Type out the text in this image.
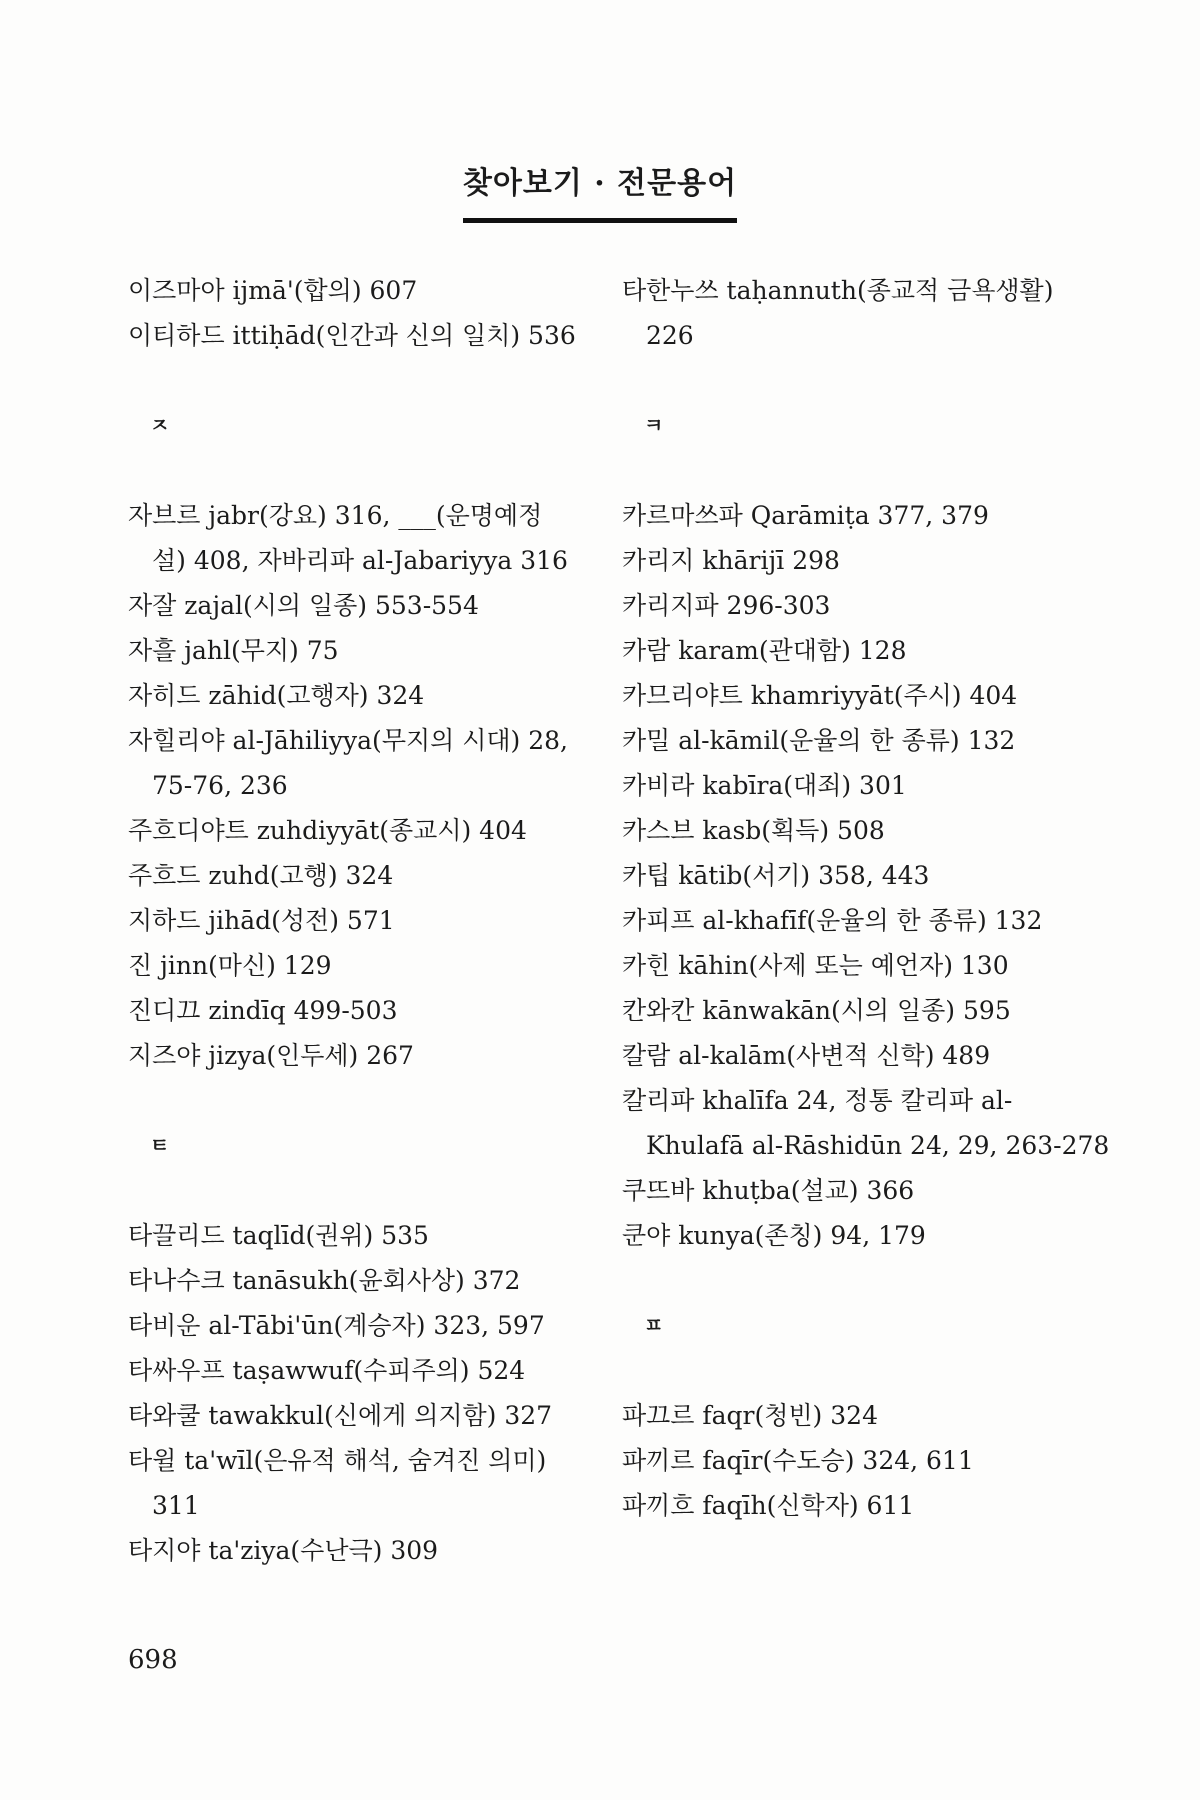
찾아보기 · 전문용어
이즈마아 ijmā'(합의) 607
이티하드 ittiḥād(인간과 신의 일치) 536
ㅈ
자브르 jabr(강요) 316, ___(운명예정
설) 408, 자바리파 al-Jabariyya 316
자잘 zajal(시의 일종) 553-554
자흘 jahl(무지) 75
자히드 zāhid(고행자) 324
자힐리야 al-Jāhiliyya(무지의 시대) 28,
75-76, 236
주흐디야트 zuhdiyyāt(종교시) 404
주흐드 zuhd(고행) 324
지하드 jihād(성전) 571
진 jinn(마신) 129
진디끄 zindīq 499-503
지즈야 jizya(인두세) 267
ㅌ
타끌리드 taqlīd(권위) 535
타나수크 tanāsukh(윤회사상) 372
타비운 al-Tābi'ūn(계승자) 323, 597
타싸우프 taṣawwuf(수피주의) 524
타와쿨 tawakkul(신에게 의지함) 327
타윌 ta'wīl(은유적 해석, 숨겨진 의미)
311
타지야 ta'ziya(수난극) 309
타한누쓰 taḥannuth(종교적 금욕생활)
226
ㅋ
카르마쓰파 Qarāmiṭa 377, 379
카리지 khārijī 298
카리지파 296-303
카람 karam(관대함) 128
카므리야트 khamriyyāt(주시) 404
카밀 al-kāmil(운율의 한 종류) 132
카비라 kabīra(대죄) 301
카스브 kasb(획득) 508
카팁 kātib(서기) 358, 443
카피프 al-khafīf(운율의 한 종류) 132
카힌 kāhin(사제 또는 예언자) 130
칸와칸 kānwakān(시의 일종) 595
칼람 al-kalām(사변적 신학) 489
칼리파 khalīfa 24, 정통 칼리파 al-
Khulafā al-Rāshidūn 24, 29, 263-278
쿠뜨바 khuṭba(설교) 366
쿤야 kunya(존칭) 94, 179
ㅍ
파끄르 faqr(청빈) 324
파끼르 faqīr(수도승) 324, 611
파끼흐 faqīh(신학자) 611
698
